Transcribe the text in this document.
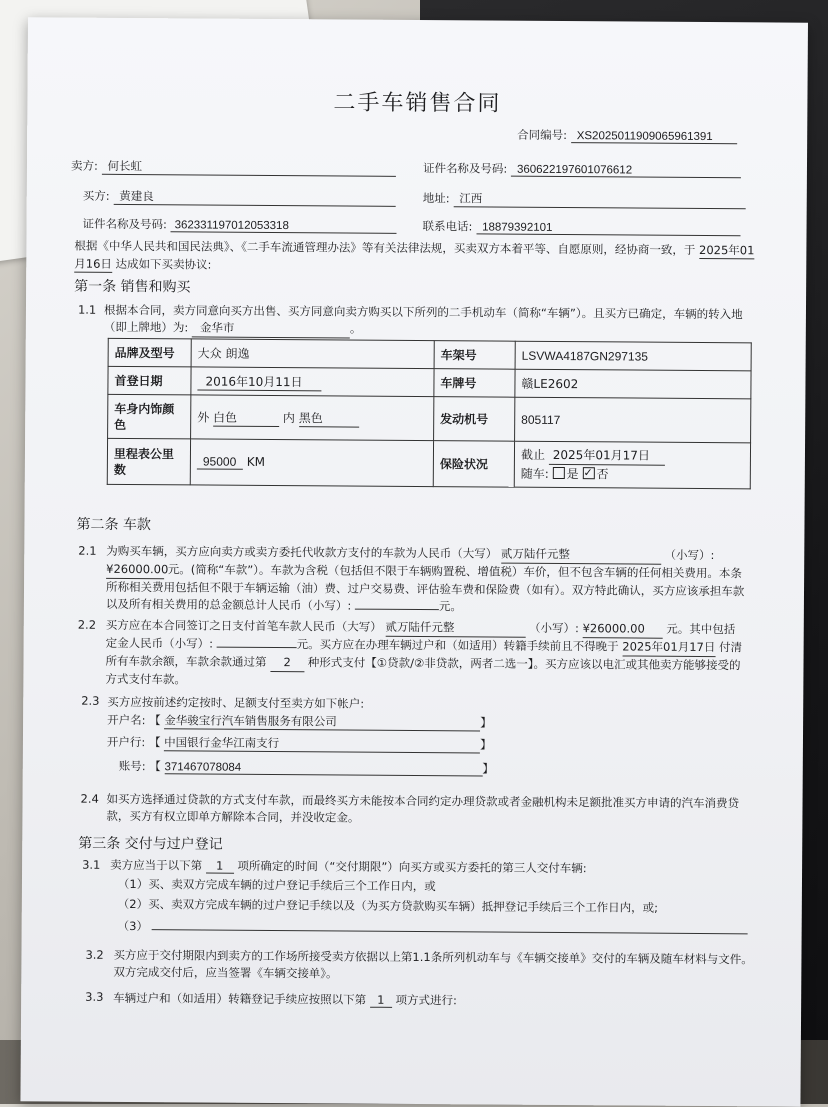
二手车销售合同
合同编号: XS2025011909065961391
卖方: 何长虹	证件名称及号码: 360622197601076612
买方: 黄建良	地址: 江西
证件名称及号码: 362331197012053318	联系电话: 18879392101
根据《中华人民共和国民法典》、《二手车流通管理办法》等有关法律法规，买卖双方本着平等、自愿原则，经协商一致，于 2025年01
月16日 达成如下买卖协议:
第一条 销售和购买
1.1 根据本合同，卖方同意向买方出售、买方同意向卖方购买以下所列的二手机动车（简称“车辆”）。且买方已确定，车辆的转入地（即上牌地）为: 金华市	。
品牌及型号	大众 朗逸	车架号	LSVWA4187GN297135
首登日期	2016年10月11日	车牌号	赣LE2602
车身内饰颜色	外 白色 内 黑色	发动机号	805117
里程表公里数	95000 KM	保险状况	截止 2025年01月17日
随车: 是 ✓ 否
第二条 车款
2.1 为购买车辆，买方应向卖方或卖方委托代收款方支付的车款为人民币（大写） 贰万陆仟元整	（小写）: ¥26000.00 元。(简称“车款”）。车款为含税（包括但不限于车辆购置税、增值税）车价，但不包含车辆的任何相关费用。本条所称相关费用包括但不限于车辆运输（油）费、过户交易费、评估验车费和保险费（如有）。双方特此确认，买方应该承担车款以及所有相关费用的总金额总计人民币（小写）:	元。
2.2 买方应在本合同签订之日支付首笔车款人民币（大写） 贰万陆仟元整	（小写）: ¥26000.00 元。其中包括定金人民币（小写）:	元。买方应在办理车辆过户和（如适用）转籍手续前且不得晚于 2025年01月17日 付清所有车款余额，车款余款通过第 2 种形式支付【①贷款/②非贷款，两者二选一】。买方应该以电汇或其他卖方能够接受的方式支付车款。
2.3 买方应按前述约定按时、足额支付至卖方如下帐户:
开户名: 【 金华骏宝行汽车销售服务有限公司	】
开户行: 【 中国银行金华江南支行	】
账号: 【 371467078084	】
2.4 如买方选择通过贷款的方式支付车款，而最终买方未能按本合同约定办理贷款或者金融机构未足额批准买方申请的汽车消费贷款，买方有权立即单方解除本合同，并没收定金。
第三条 交付与过户登记
3.1 卖方应当于以下第 1 项所确定的时间（“交付期限”）向买方或买方委托的第三人交付车辆:
（1）买、卖双方完成车辆的过户登记手续后三个工作日内，或
（2）买、卖双方完成车辆的过户登记手续以及（为买方贷款购买车辆）抵押登记手续后三个工作日内，或;
（3）
3.2 买方应于交付期限内到卖方的工作场所接受卖方依据以上第1.1条所列机动车与《车辆交接单》交付的车辆及随车材料与文件。双方完成交付后，应当签署《车辆交接单》。
3.3 车辆过户和（如适用）转籍登记手续应按照以下第 1 项方式进行:
